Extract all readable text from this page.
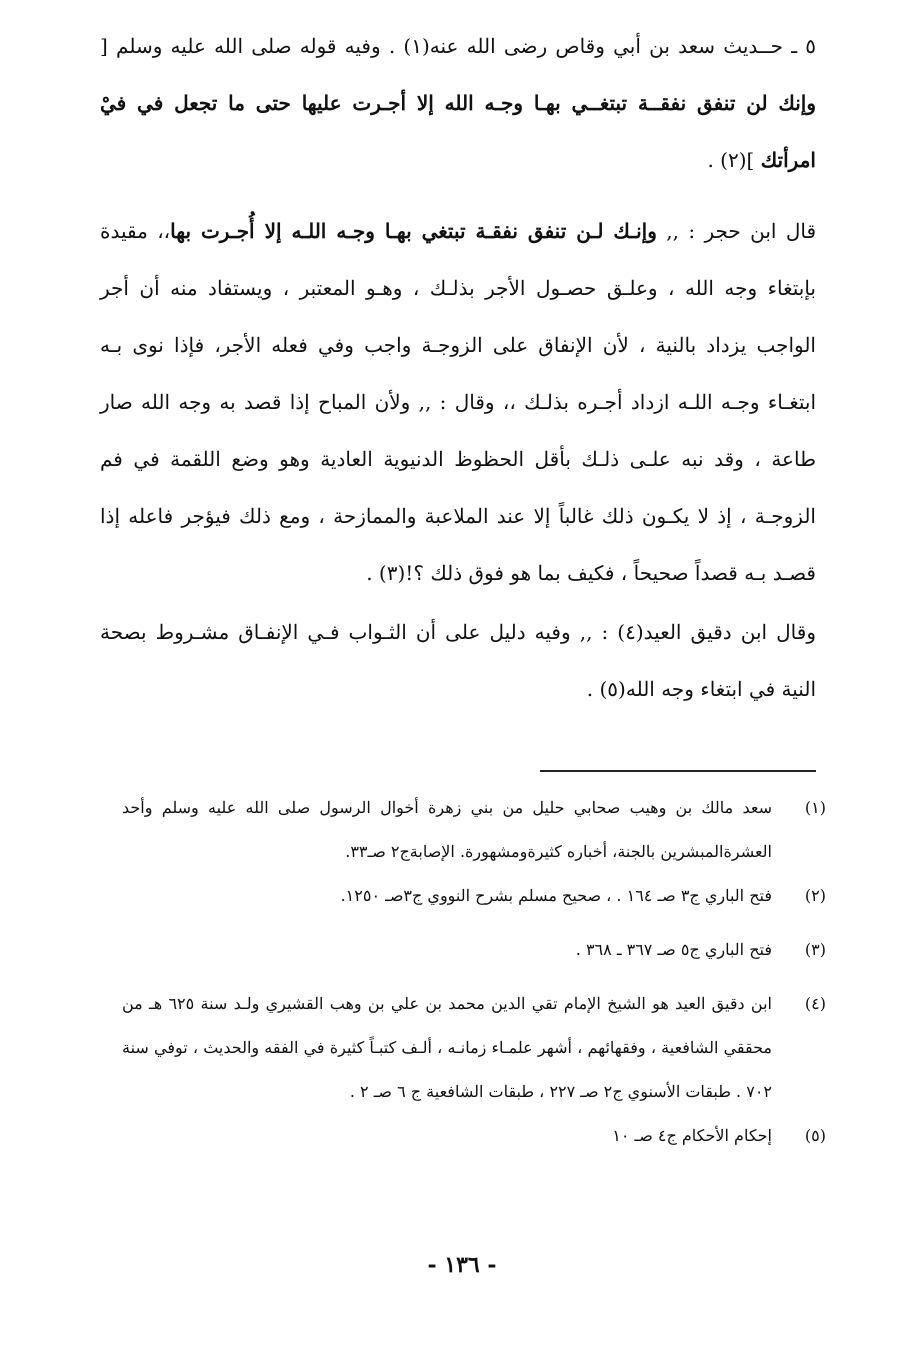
٥ ـ حــديث سعد بن أبي وقاص رضى الله عنه(١) . وفيه قوله صلى الله عليه وسلم [ وإنك لن تنفق نفقــة تبتغــي بهـا وجـه الله إلا أجـرت عليها حتى ما تجعل في فيْ امرأتك ](٢) .

قال ابن حجر : ,, وإنـك لـن تنفق نفقـة تبتغي بهـا وجـه اللـه إلا أُجـرت بها،، مقيدة بإبتغاء وجه الله ، وعلـق حصـول الأجر بذلـك ، وهـو المعتبر ، ويستفاد منه أن أجر الواجب يزداد بالنية ، لأن الإنفاق على الزوجـة واجب وفي فعله الأجر، فإذا نوى بـه ابتغـاء وجـه اللـه ازداد أجـره بذلـك ،، وقال : ,, ولأن المباح إذا قصد به وجه الله صار طاعة ، وقد نبه علـى ذلـك بأقل الحظوظ الدنيوية العادية وهو وضع اللقمة في فم الزوجـة ، إذ لا يكـون ذلك غالباً إلا عند الملاعبة والممازحة ، ومع ذلك فيؤجر فاعله إذا قصـد بـه قصداً صحيحاً ، فكيف بما هو فوق ذلك ؟!(٣) .

وقال ابن دقيق العيد(٤) : ,, وفيه دليل على أن الثـواب فـي الإنفـاق مشـروط بصحة النية في ابتغاء وجه الله(٥) .

(١)
سعد مالك بن وهيب صحابي حليل من بني زهرة أخوال الرسول صلى الله عليه وسلم وأحد العشرةالمبشرين بالجنة، أخباره كثيرةومشهورة. الإصابةج٢ صـ٣٣.
(٢)
فتح الباري ج٣ صـ ١٦٤ . ، صحيح مسلم بشرح النووي ج٣صـ ١٢٥٠.
(٣)
فتح الباري ج٥ صـ ٣٦٧ ـ ٣٦٨ .
(٤)
ابن دقيق العيد هو الشيخ الإمام تقي الدين محمد بن علي بن وهب القشيري ولـد سنة ٦٢٥ هـ من محققي الشافعية ، وفقهائهم ، أشهر علمـاء زمانـه ، ألـف كتبـاً كثيرة في الفقه والحديث ، توفي سنة ٧٠٢ . طبقات الأسنوي ج٢ صـ ٢٢٧ ، طبقات الشافعية ج ٦ صـ ٢ .
(٥)
إحكام الأحكام ج٤ صـ ١٠
- ١٣٦ -
